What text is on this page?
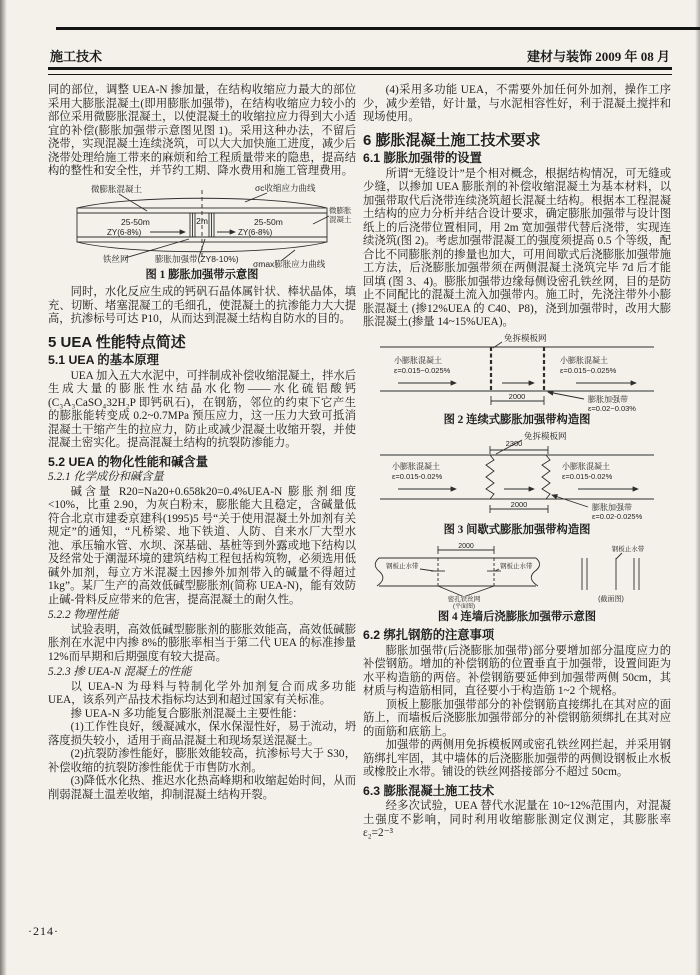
施工技术	建材与装饰 2009 年 08 月

同的部位，调整 UEA-N 掺加量，在结构收缩应力最大的部位采用大膨胀混凝土(即用膨胀加强带)，在结构收缩应力较小的部位采用微膨胀混凝土，以使混凝土的收缩拉应力得到大小适宜的补偿(膨胀加强带示意图见图 1)。采用这种办法，不留后浇带，实现混凝土连续浇筑，可以大大加快施工进度，减少后浇带处理给施工带来的麻烦和给工程质量带来的隐患，提高结构的整性和安全性，并节约工期、降水费用和施工管理费用。

25-50m	2m	25-50m
ZY(6-8%)	ZY(6-8%)
微膨胀混凝土	σc收缩应力曲线
微膨胀
混凝土
铁丝网	膨胀加强带(ZY8-10%) σmax膨胀应力曲线
图 1 膨胀加强带示意图

同时，水化反应生成的钙矾石晶体属针状、棒状晶体，填充、切断、堵塞混凝工的毛细孔，使混凝土的抗渗能力大大提高，抗渗标号可达 P10，从而达到混凝土结构自防水的目的。

5 UEA 性能特点简述
5.1 UEA 的基本原理

UEA 加入五大水泥中，可拌制成补偿收缩混凝土，拌水后生成大量的膨胀性水结晶水化物——水化硫铝酸钙(C₃A₃CaSO₄32H₂P 即钙矾石)，在钢筋，邻位的约束下它产生的膨胀能转变成 0.2~0.7MPa 预压应力，这一压力大致可抵消混凝土干缩产生的拉应力，防止或减少混凝土收缩开裂，并使混凝土密实化。提高混凝土结构的抗裂防渗能力。

5.2 UEA 的物化性能和碱含量
5.2.1 化学成份和碱含量

碱含量 R20=Na20+0.658k20=0.4%UEA-N 膨胀剂细度<10%，比重 2.90，为灰白粉末，膨胀能大且稳定，含碱量低符合北京市建委京建科(1995)5 号“关于使用混凝土外加剂有关规定”的通知，“凡桥梁、地下铁道、人防、自来水厂大型水池、承压输水管、水坝、深基础、基桩等到外露或地下结构以及经常处于潮湿环境的建筑结构工程包括构筑物，必须选用低碱外加剂，每立方米混凝土因掺外加剂带入的碱量不得超过 1kg”。某厂生产的高效低碱型膨胀剂(简称 UEA-N)，能有效防止碱-骨料反应带来的危害，提高混凝土的耐久性。

5.2.2 物理性能

试验表明，高效低碱型膨胀剂的膨胀效能高，高效低碱膨胀剂在水泥中内掺 8%的膨胀率相当于第二代 UEA 的标准掺量 12%而早期和后期强度有较大提高。

5.2.3 掺 UEA-N 混凝土的性能

以 UEA-N 为母料与特制化学外加剂复合而成多功能 UEA，该系列产品技术指标均达到和超过国家有关标准。

掺 UEA-N 多功能复合膨胀剂混凝土主要性能：

(1)工作性良好，缓凝减水，保水保湿性好，易于流动，坍落度损失较小，适用于商品混凝土和现场泵送混凝土。

(2)抗裂防渗性能好，膨胀效能较高，抗渗标号大于 S30，补偿收缩的抗裂防渗性能优于市售防水剂。

(3)降低水化热、推迟水化热高峰期和收缩起始时间，从而削弱混凝土温差收缩，抑制混凝土结构开裂。

(4)采用多功能 UEA，不需要外加任何外加剂，操作工序少，减少差错，好计量，与水泥相容性好，利于混凝土搅拌和现场使用。

6 膨胀混凝土施工技术要求
6.1 膨胀加强带的设置

所谓“无缝设计”是个相对概念，根据结构情况，可无缝或少缝，以掺加 UEA 膨胀剂的补偿收缩混凝土为基本材料，以加强带取代后浇带连续浇筑超长混凝土结构。根据本工程混凝土结构的应力分析并结合设计要求，确定膨胀加强带与设计图纸上的后浇带位置相同，用 2m 宽加强带代替后浇带，实现连续浇筑(图 2)。考虑加强带混凝工的强度须提高 0.5 个等级，配合比不同膨胀剂的掺量也加大，可用间歇式后浇膨胀加强带施工方法，后浇膨胀加强带须在两侧混凝土浇筑完毕 7d 后才能回填 (图 3、4)。膨胀加强带边缘每侧设密孔铁丝网，目的是防止不同配比的混凝土流入加强带内。施工时，先浇注带外小膨胀混凝土 (掺12%UEA 的 C40、P8)，浇到加强带时，改用大膨胀混凝土(掺量 14~15%UEA)。

免拆模板网
小膨胀混凝土
ε=0.015~0.025%
小膨胀混凝土
ε=0.015~0.025%
2000	膨胀加强带
ε=0.02~0.03%
图 2 连续式膨胀加强带构造图
免拆模板网
2300
小膨胀混凝土
ε=0.015-0.02%
小膨胀混凝土
ε=0.015-0.02%
2000	膨胀加强带
ε=0.02-0.025%
图 3 间歇式膨胀加强带构造图
2000
钢板止水带	钢板止水带
密孔铁丝网
(平面图)
钢板止水带
(截面图)
图 4 连墙后浇膨胀加强带示意图
6.2 绑扎钢筋的注意事项

膨胀加强带(后浇膨胀加强带)部分要增加部分温度应力的补偿钢筋。增加的补偿钢筋的位置垂直于加强带，设置间距为水平构造筋的两倍。补偿钢筋要延伸到加强带两侧 50cm，其材质与构造筋相同，直径要小于构造筋 1~2 个规格。

顶板上膨胀加强带部分的补偿钢筋直接绑扎在其对应的面筋上，而墙板后浇膨胀加强带部分的补偿钢筋须绑扎在其对应的面筋和底筋上。

加强带的两侧用免拆模板网或密孔铁丝网拦起，并采用钢筋绑扎牢固，其中墙体的后浇膨胀加强带的两侧设钢板止水板或橡胶止水带。铺设的铁丝网搭接部分不超过 50cm。

6.3 膨胀混凝土施工技术

经多次试验，UEA 替代水泥量在 10~12%范围内，对混凝土强度不影响，同时利用收缩膨胀测定仪测定，其膨胀率 ε₂=2⁻³

·214·
